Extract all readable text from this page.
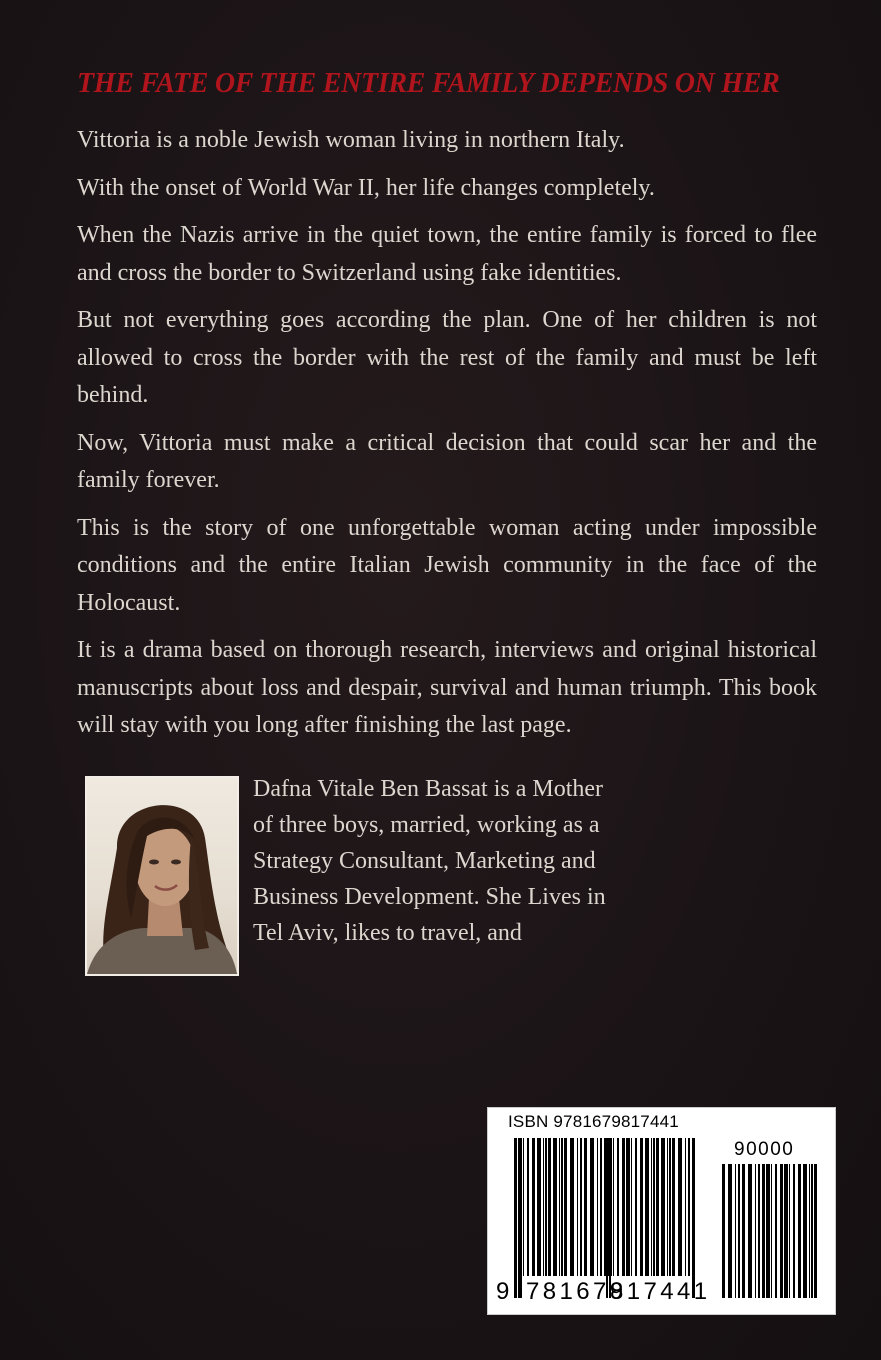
THE FATE OF THE ENTIRE FAMILY DEPENDS ON HER

Vittoria is a noble Jewish woman living in northern Italy.

With the onset of World War II, her life changes completely.

When the Nazis arrive in the quiet town, the entire family is forced to flee and cross the border to Switzerland using fake identities.

But not everything goes according the plan. One of her children is not allowed to cross the border with the rest of the family and must be left behind.

Now, Vittoria must make a critical decision that could scar her and the family forever.

This is the story of one unforgettable woman acting under impossible conditions and the entire Italian Jewish community in the face of the Holocaust.

It is a drama based on thorough research, interviews and original historical manuscripts about loss and despair, survival and human triumph. This book will stay with you long after finishing the last page.

Dafna Vitale Ben Bassat is a Mother of three boys, married, working as a Strategy Consultant, Marketing and Business Development. She Lives in Tel Aviv, likes to travel, and

ISBN 9781679817441
90000
9 781679
817441
